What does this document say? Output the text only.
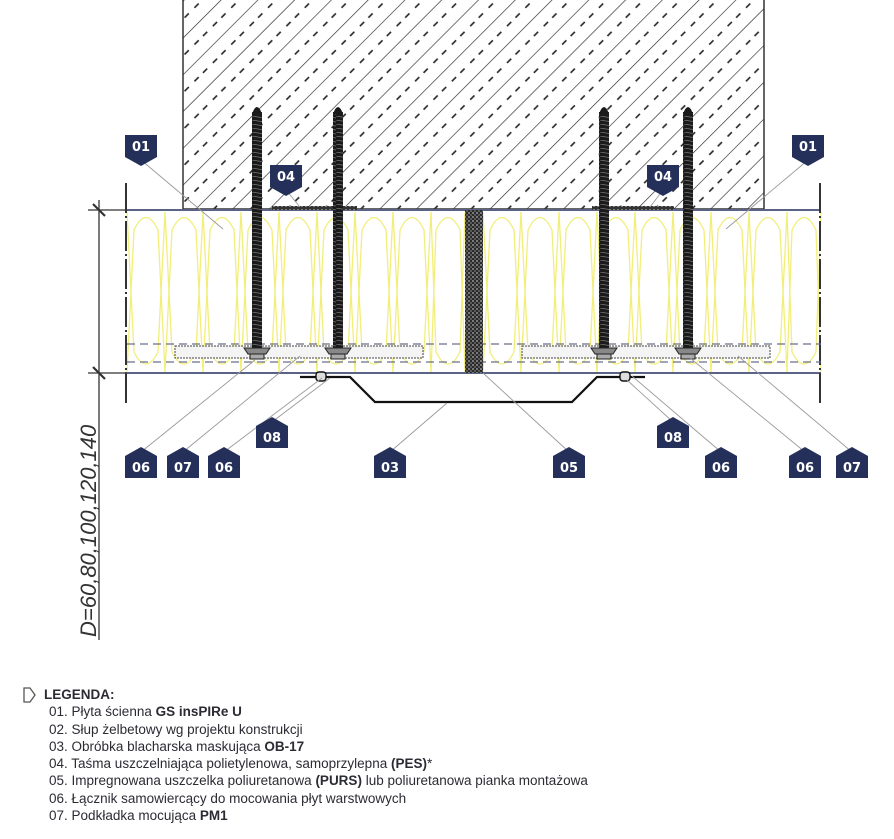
D=60,80,100,120,140
01
04	04
01
08	08
06 07 06	03	05	06	06 07
LEGENDA:
01. Płyta ścienna GS insPIRe U
02. Słup żelbetowy wg projektu konstrukcji
03. Obróbka blacharska maskująca OB-17
04. Taśma uszczelniająca polietylenowa, samoprzylepna (PES)*
05. Impregnowana uszczelka poliuretanowa (PURS) lub poliuretanowa pianka montażowa
06. Łącznik samowiercący do mocowania płyt warstwowych
07. Podkładka mocująca PM1
